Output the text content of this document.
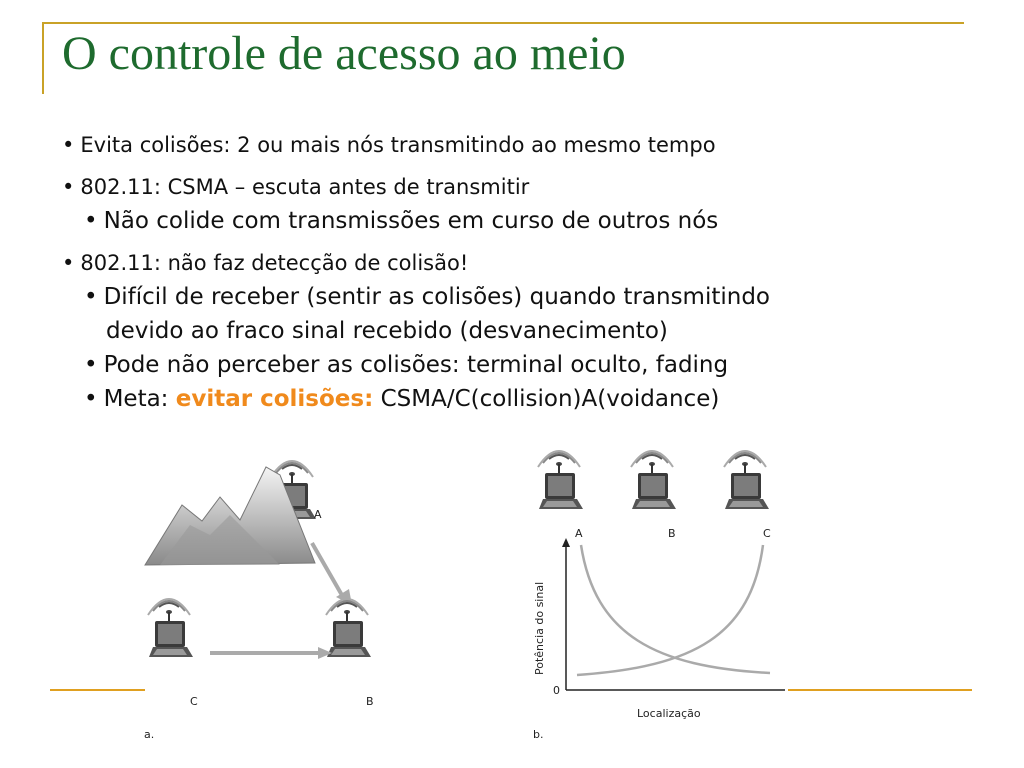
O controle de acesso ao meio
• Evita colisões: 2 ou mais nós transmitindo ao mesmo tempo
• 802.11: CSMA – escuta antes de transmitir
• Não colide com transmissões em curso de outros nós
• 802.11: não faz detecção de colisão!
• Difícil de receber (sentir as colisões) quando transmitindo
devido ao fraco sinal recebido (desvanecimento)
• Pode não perceber as colisões: terminal oculto, fading
• Meta: evitar colisões: CSMA/C(collision)A(voidance)
A
C	B
a.
A	B	C
0
Potência do sinal
Localização
b.
